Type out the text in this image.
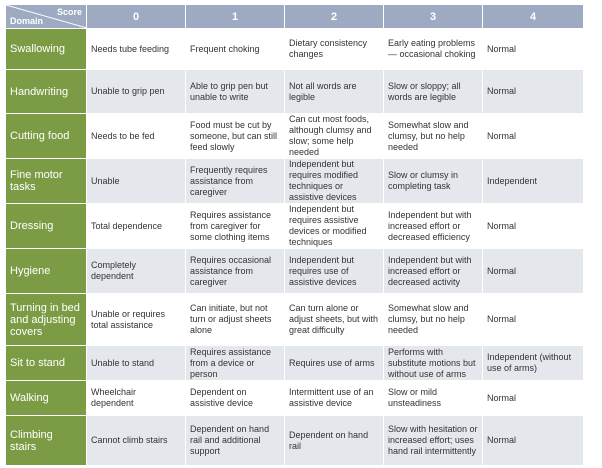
Score
Domain	0	1	2	3	4
Swallowing	Needs tube feeding	Frequent choking	Dietary consistency changes	Early eating problems— occasional choking	Normal
Handwriting	Unable to grip pen	Able to grip pen but unable to write	Not all words are legible	Slow or sloppy; all words are legible	Normal
Cutting food	Needs to be fed	Food must be cut by someone, but can still feed slowly	Can cut most foods, although clumsy and slow; some help needed	Somewhat slow and clumsy, but no help needed	Normal
Fine motor tasks	Unable	Frequently requires assistance from caregiver	Independent but requires modified techniques or assistive devices	Slow or clumsy in completing task	Independent
Dressing	Total dependence	Requires assistance from caregiver for some clothing items	Independent but requires assistive devices or modified techniques	Independent but with increased effort or decreased efficiency	Normal
Hygiene	Completely dependent	Requires occasional assistance from caregiver	Independent but requires use of assistive devices	Independent but with increased effort or decreased activity	Normal
Turning in bed and adjusting covers	Unable or requires total assistance	Can initiate, but not turn or adjust sheets alone	Can turn alone or adjust sheets, but with great difficulty	Somewhat slow and clumsy, but no help needed	Normal
Sit to stand	Unable to stand	Requires assistance from a device or person	Requires use of arms	Performs with substitute motions but without use of arms	Independent (without use of arms)
Walking	Wheelchair dependent	Dependent on assistive device	Intermittent use of an assistive device	Slow or mild unsteadiness	Normal
Climbing stairs	Cannot climb stairs	Dependent on hand rail and additional support	Dependent on hand rail	Slow with hesitation or increased effort; uses hand rail intermittently	Normal
